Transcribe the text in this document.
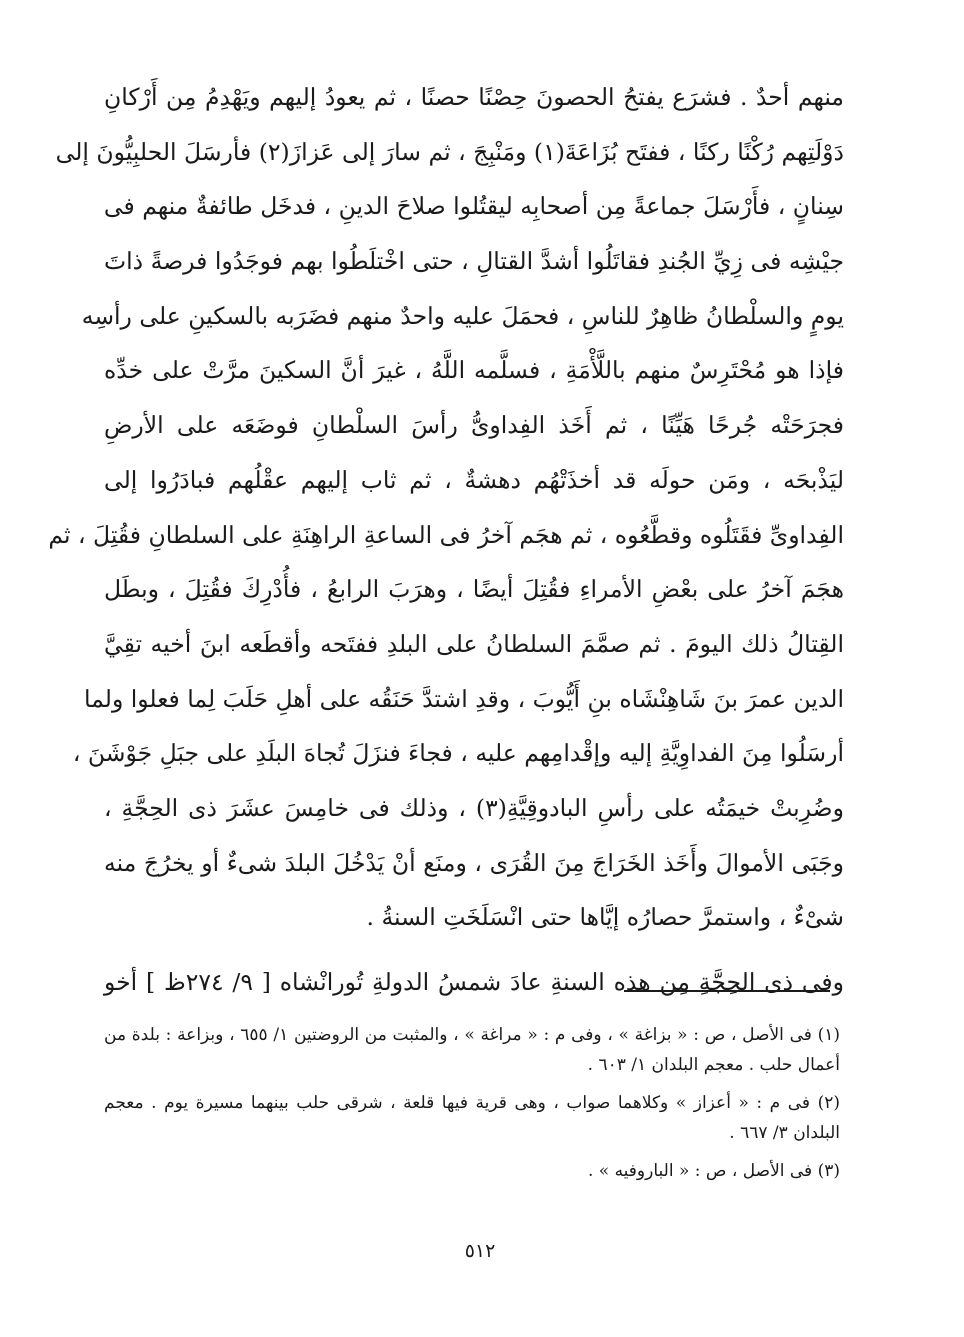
منهم أحدٌ . فشرَع يفتحُ الحصونَ حِصْنًا حصنًا ، ثم يعودُ إليهم ويَهْدِمُ مِن أَرْكانِ
دَوْلَتِهم رُكْنًا ركنًا ، ففتَح بُزَاعَةَ(١) ومَنْبِجَ ، ثم سارَ إلى عَزازَ(٢) فأرسَلَ الحلبِيُّونَ إلى
سِنانٍ ، فأَرْسَلَ جماعةً مِن أصحابِه ليقتُلوا صلاحَ الدينِ ، فدخَل طائفةٌ منهم فى
جيْشِه فى زِيِّ الجُندِ فقاتَلُوا أشدَّ القتالِ ، حتى اخْتلَطُوا بهم فوجَدُوا فرصةً ذاتَ
يومٍ والسلْطانُ ظاهِرٌ للناسِ ، فحمَلَ عليه واحدٌ منهم فضَرَبه بالسكينِ على رأسِه
فإذا هو مُحْتَرِسٌ منهم باللَّأْمَةِ ، فسلَّمه اللَّهُ ، غيرَ أنَّ السكينَ مرَّتْ على خدِّه
فجرَحَتْه جُرحًا هَيِّنًا ، ثم أَخَذ الفِداوىُّ رأسَ السلْطانِ فوضَعَه على الأرضِ
ليَذْبحَه ، ومَن حولَه قد أخذَتْهُم دهشةٌ ، ثم ثاب إليهم عقْلُهم فبادَرُوا إلى
الفِداوىِّ فقَتَلُوه وقطَّعُوه ، ثم هجَم آخرُ فى الساعةِ الراهِنَةِ على السلطانِ فقُتِلَ ، ثم
هجَمَ آخرُ على بعْضِ الأمراءِ فقُتِلَ أيضًا ، وهرَبَ الرابعُ ، فأُدْرِكَ فقُتِلَ ، وبطَل
القِتالُ ذلك اليومَ . ثم صمَّمَ السلطانُ على البلدِ ففتَحه وأقطَعه ابنَ أخيه تقِيَّ
الدين عمرَ بنَ شَاهِنْشَاه بنِ أَيُّوبَ ، وقدِ اشتدَّ حَنَقُه على أهلِ حَلَبَ لِما فعلوا ولما
أرسَلُوا مِنَ الفداوِيَّةِ إليه وإقْدامِهم عليه ، فجاءَ فنزَلَ تُجاهَ البلَدِ على جبَلِ جَوْشَنَ ،
وضُرِبتْ خيمَتُه على رأسِ البادوقِيَّةِ(٣) ، وذلك فى خامِسَ عشَرَ ذى الحِجَّةِ ،
وجَبَى الأموالَ وأَخَذ الخَرَاجَ مِنَ القُرَى ، ومنَع أنْ يَدْخُلَ البلدَ شىءٌ أو يخرُجَ منه
شىْءٌ ، واستمرَّ حصارُه إيَّاها حتى انْسَلَخَتِ السنةُ .
وفى ذى الحِجَّةِ مِن هذه السنةِ عادَ شمسُ الدولةِ تُورانْشاه [ ٩/ ٢٧٤ظ ] أخو
(١) فى الأصل ، ص : « بزاغة » ، وفى م : « مراغة » ، والمثبت من الروضتين ١/ ٦٥٥ ، وبزاعة : بلدة من
أعمال حلب . معجم البلدان ١/ ٦٠٣ .
(٢) فى م : « أعزاز » وكلاهما صواب ، وهى قرية فيها قلعة ، شرقى حلب بينهما مسيرة يوم . معجم
البلدان ٣/ ٦٦٧ .
(٣) فى الأصل ، ص : « الباروفيه » .
٥١٢
